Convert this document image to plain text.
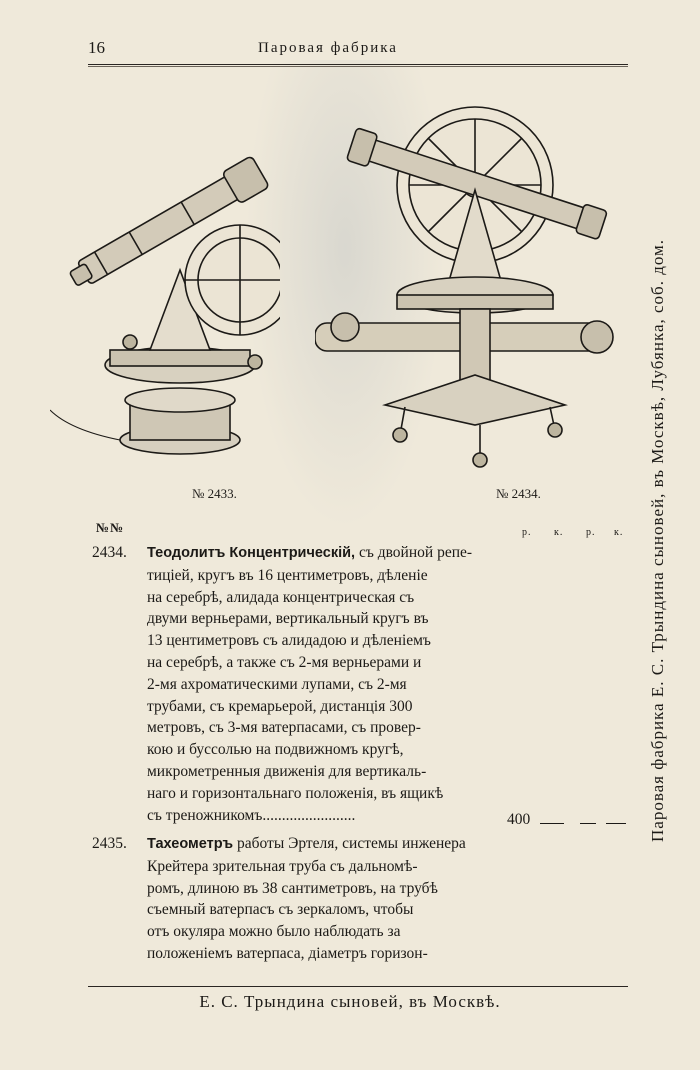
16	Паровая фабрика
№ 2433.	№ 2434.
№№	р. к. р. к.
2434. Теодолитъ Концентрическій, съ двойной репе-
тиціей, кругъ въ 16 центиметровъ, дѣленіе
на серебрѣ, алидада концентрическая съ
двуми верньерами, вертикальный кругъ въ
13 центиметровъ съ алидадою и дѣленіемъ
на серебрѣ, а также съ 2-мя верньерами и
2-мя ахроматическими лупами, съ 2-мя
трубами, съ кремарьерой, дистанція 300
метровъ, съ 3-мя ватерпасами, съ провер-
кою и буссолью на подвижномъ кругѣ,
микрометренныя движенія для вертикаль-
наго и горизонтальнаго положенія, въ ящикѣ
съ треножникомъ........................	400
2435. Тахеометръ работы Эртеля, системы инженера
Крейтера зрительная труба съ дальномѣ-
ромъ, длиною въ 38 сантиметровъ, на трубѣ
съемный ватерпасъ съ зеркаломъ, чтобы
отъ окуляра можно было наблюдать за
положеніемъ ватерпаса, діаметръ горизон-
Паровая фабрика Е. С. Трындина сыновей, въ Москвѣ, Лубянка, соб. дом.
Е. С. Трындина сыновей, въ Москвѣ.
